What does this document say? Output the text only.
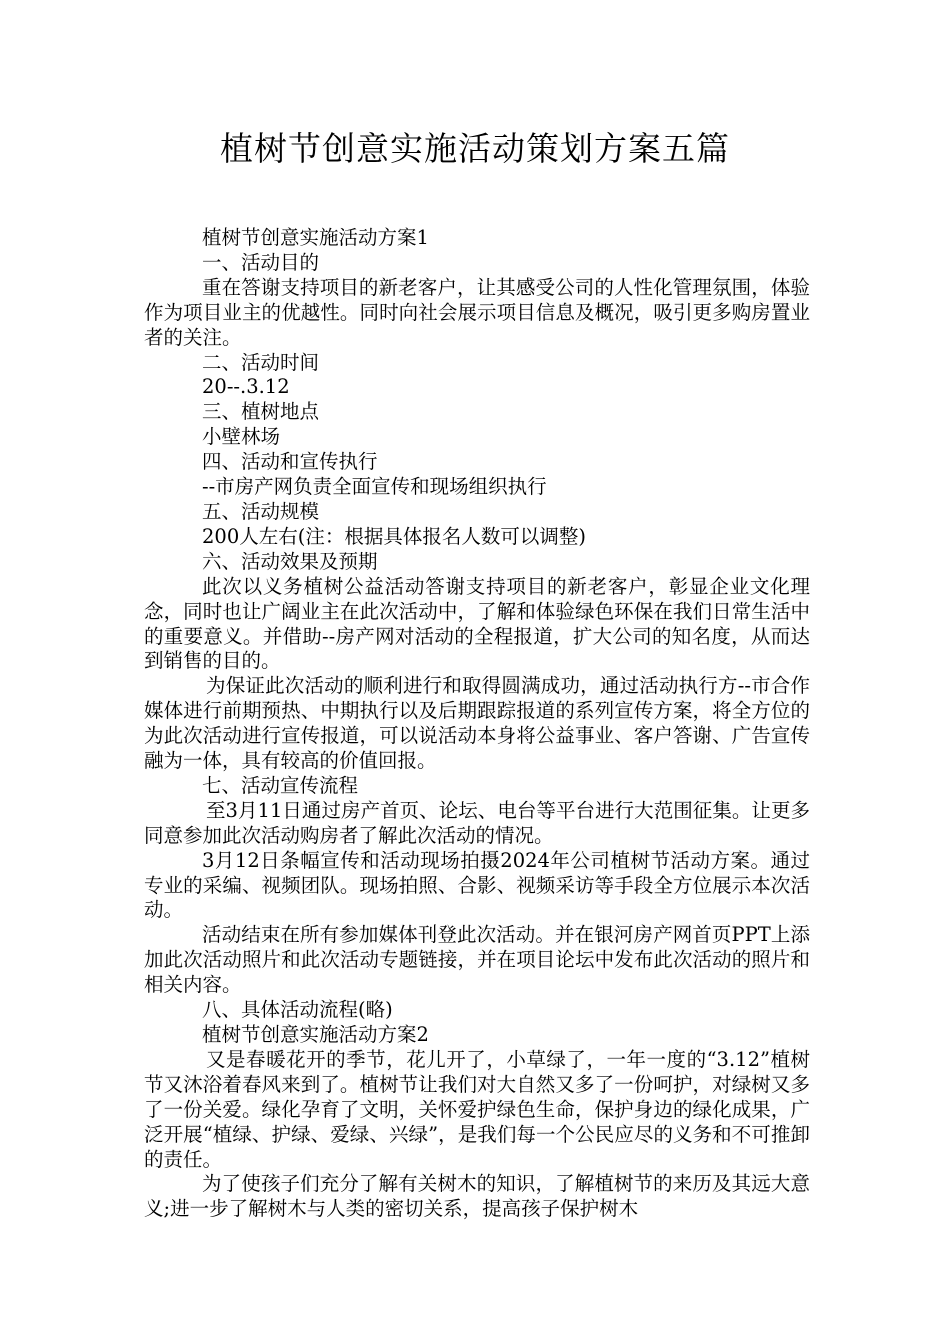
植树节创意实施活动策划方案五篇

植树节创意实施活动方案1

一、活动目的

重在答谢支持项目的新老客户，让其感受公司的人性化管理氛围，体验作为项目业主的优越性。同时向社会展示项目信息及概况，吸引更多购房置业者的关注。

二、活动时间

20--.3.12

三、植树地点

小壁林场

四、活动和宣传执行

--市房产网负责全面宣传和现场组织执行

五、活动规模

200人左右(注：根据具体报名人数可以调整)

六、活动效果及预期

此次以义务植树公益活动答谢支持项目的新老客户，彰显企业文化理念，同时也让广阔业主在此次活动中，了解和体验绿色环保在我们日常生活中的重要意义。并借助--房产网对活动的全程报道，扩大公司的知名度，从而达到销售的目的。

为保证此次活动的顺利进行和取得圆满成功，通过活动执行方--市合作媒体进行前期预热、中期执行以及后期跟踪报道的系列宣传方案，将全方位的为此次活动进行宣传报道，可以说活动本身将公益事业、客户答谢、广告宣传融为一体，具有较高的价值回报。

七、活动宣传流程

至3月11日通过房产首页、论坛、电台等平台进行大范围征集。让更多同意参加此次活动购房者了解此次活动的情况。

3月12日条幅宣传和活动现场拍摄2024年公司植树节活动方案。通过专业的采编、视频团队。现场拍照、合影、视频采访等手段全方位展示本次活动。

活动结束在所有参加媒体刊登此次活动。并在银河房产网首页PPT上添加此次活动照片和此次活动专题链接，并在项目论坛中发布此次活动的照片和相关内容。

八、具体活动流程(略)

植树节创意实施活动方案2

又是春暖花开的季节，花儿开了，小草绿了，一年一度的“3.12”植树节又沐浴着春风来到了。植树节让我们对大自然又多了一份呵护，对绿树又多了一份关爱。绿化孕育了文明，关怀爱护绿色生命，保护身边的绿化成果，广泛开展“植绿、护绿、爱绿、兴绿”，是我们每一个公民应尽的义务和不可推卸的责任。

为了使孩子们充分了解有关树木的知识，了解植树节的来历及其远大意义;进一步了解树木与人类的密切关系，提高孩子保护树木
